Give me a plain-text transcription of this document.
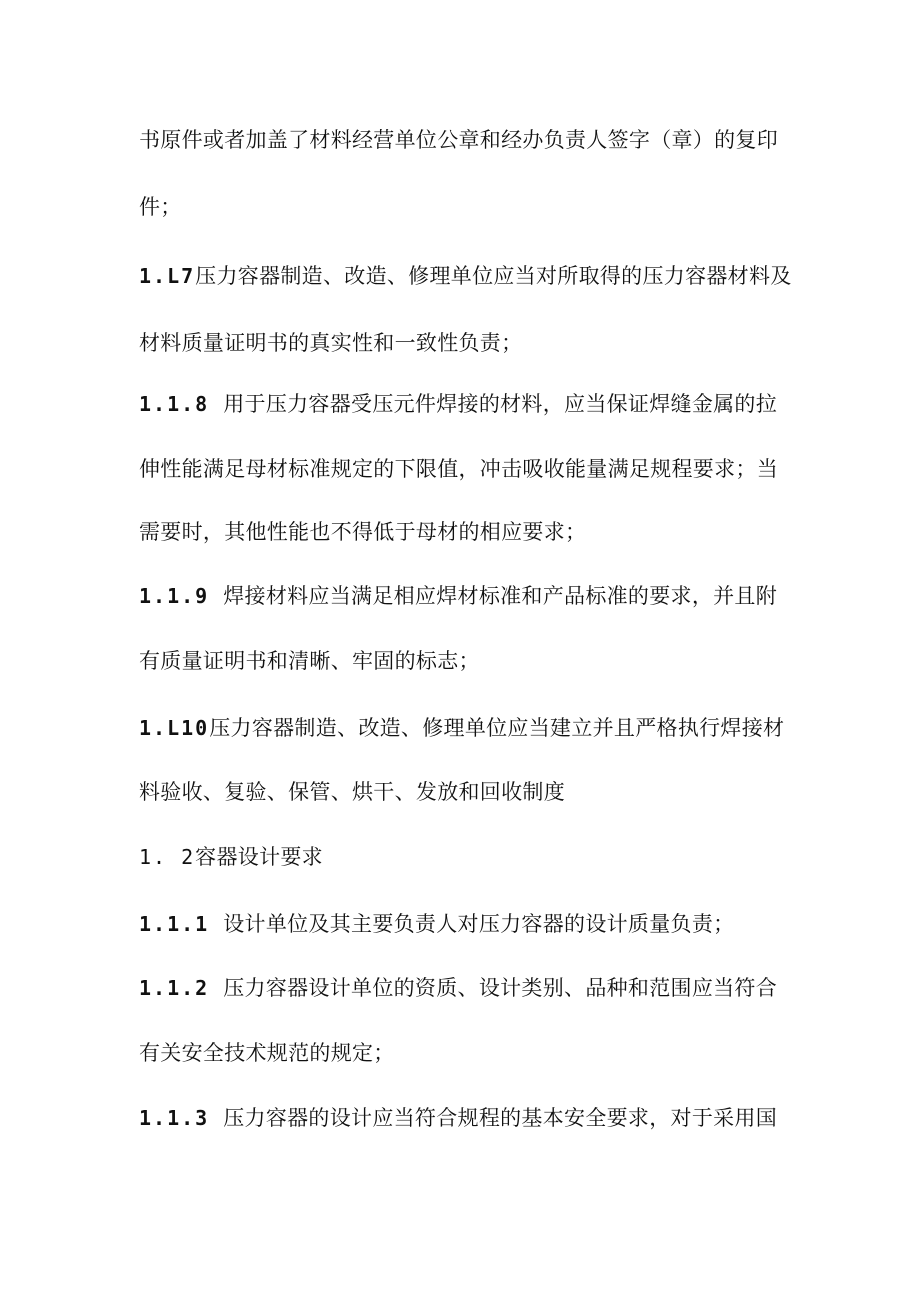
书原件或者加盖了材料经营单位公章和经办负责人签字（章）的复印
件；
1.L7压力容器制造、改造、修理单位应当对所取得的压力容器材料及
材料质量证明书的真实性和一致性负责；
1.1.8 用于压力容器受压元件焊接的材料，应当保证焊缝金属的拉
伸性能满足母材标准规定的下限值，冲击吸收能量满足规程要求；当
需要时，其他性能也不得低于母材的相应要求；
1.1.9 焊接材料应当满足相应焊材标准和产品标准的要求，并且附
有质量证明书和清晰、牢固的标志；
1.L10压力容器制造、改造、修理单位应当建立并且严格执行焊接材
料验收、复验、保管、烘干、发放和回收制度
1. 2容器设计要求
1.1.1 设计单位及其主要负责人对压力容器的设计质量负责；
1.1.2 压力容器设计单位的资质、设计类别、品种和范围应当符合
有关安全技术规范的规定；
1.1.3 压力容器的设计应当符合规程的基本安全要求，对于采用国
